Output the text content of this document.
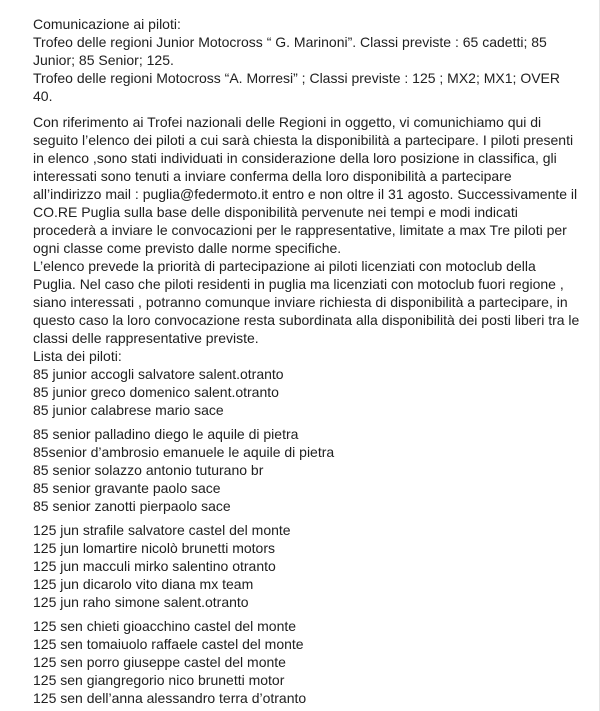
Comunicazione ai piloti:
Trofeo delle regioni Junior Motocross “ G. Marinoni”. Classi previste : 65 cadetti; 85 Junior; 85 Senior; 125.
Trofeo delle regioni Motocross “A. Morresi” ; Classi previste : 125 ; MX2; MX1; OVER 40.
Con riferimento ai Trofei nazionali delle Regioni in oggetto, vi comunichiamo qui di seguito l’elenco dei piloti a cui sarà chiesta la disponibilità a partecipare. I piloti presenti in elenco ,sono stati individuati in considerazione della loro posizione in classifica, gli interessati sono tenuti a inviare conferma della loro disponibilità a partecipare all’indirizzo mail : puglia@federmoto.it entro e non oltre il 31 agosto. Successivamente il CO.RE Puglia sulla base delle disponibilità pervenute nei tempi e modi indicati procederà a inviare le convocazioni per le rappresentative, limitate a max Tre piloti per ogni classe come previsto dalle norme specifiche.
L’elenco prevede la priorità di partecipazione ai piloti licenziati con motoclub della Puglia. Nel caso che piloti residenti in puglia ma licenziati con motoclub fuori regione , siano interessati , potranno comunque inviare richiesta di disponibilità a partecipare, in questo caso la loro convocazione resta subordinata alla disponibilità dei posti liberi tra le classi delle rappresentative previste.
Lista dei piloti:
85 junior accogli salvatore salent.otranto
85 junior greco domenico salent.otranto
85 junior calabrese mario sace
85 senior palladino diego le aquile di pietra
85senior d’ambrosio emanuele le aquile di pietra
85 senior solazzo antonio tuturano br
85 senior gravante paolo sace
85 senior zanotti pierpaolo sace
125 jun strafile salvatore castel del monte
125 jun lomartire nicolò brunetti motors
125 jun macculi mirko salentino otranto
125 jun dicarolo vito diana mx team
125 jun raho simone salent.otranto
125 sen chieti gioacchino castel del monte
125 sen tomaiuolo raffaele castel del monte
125 sen porro giuseppe castel del monte
125 sen giangregorio nico brunetti motor
125 sen dell’anna alessandro terra d’otranto
